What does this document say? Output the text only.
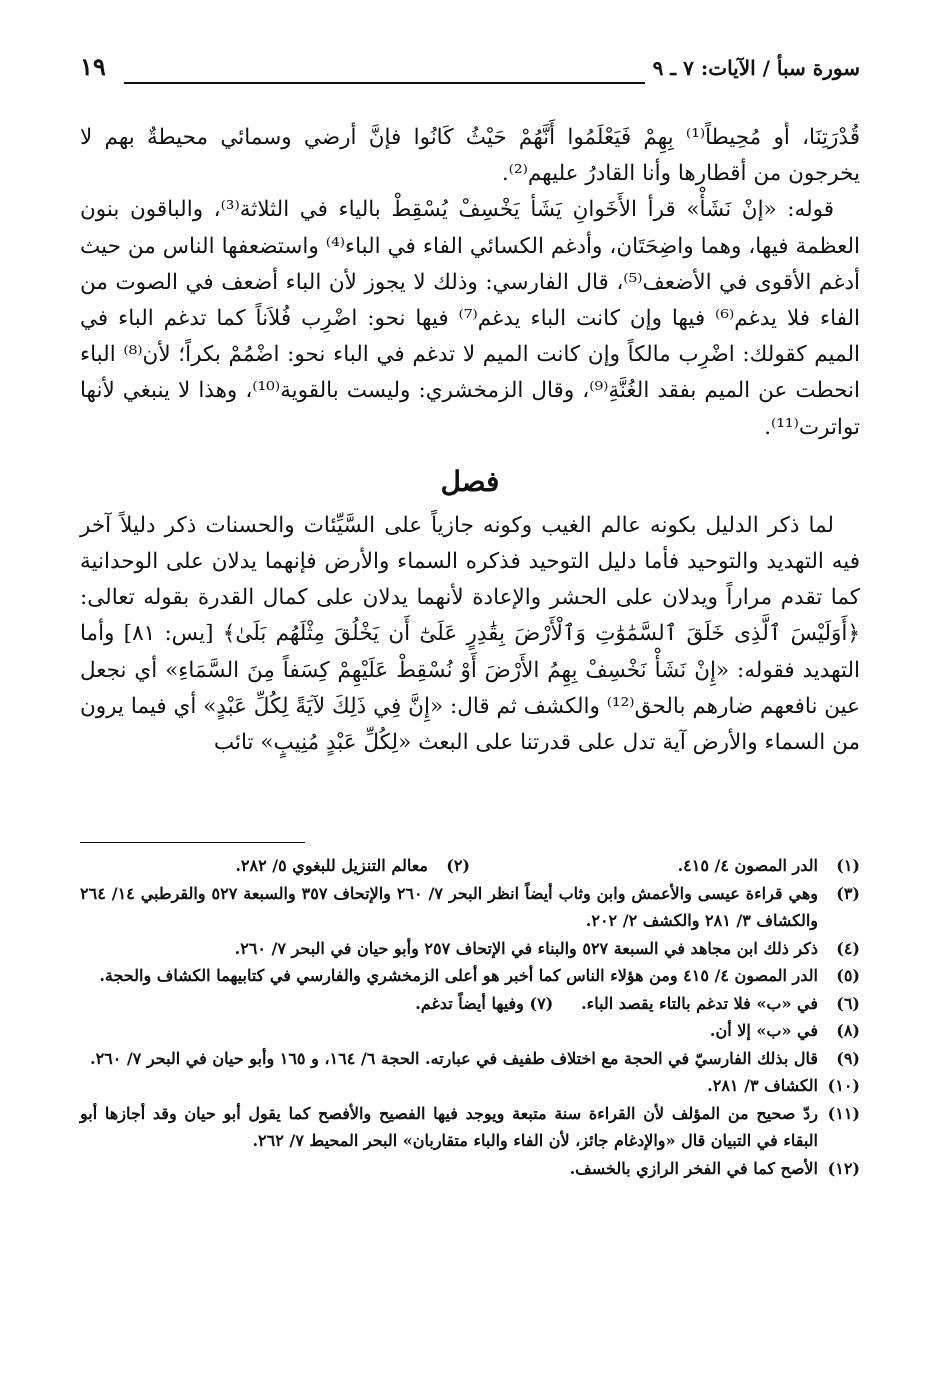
سورة سبأ / الآيات: ٧ ـ ٩
١٩

قُدْرَتِنَا، أو مُحِيطاً⁽¹⁾ بِهِمْ فَيَعْلَمُوا أَنَّهُمْ حَيْثُ كَانُوا فإنَّ أرضي وسمائي محيطةٌ بهم لا يخرجون من أقطارها وأنا القادرُ عليهم⁽²⁾.

قوله: «إنْ نَشَأْ» قرأ الأَخَوانِ يَشَأ يَخْسِفْ يُسْقِطْ بالياء في الثلاثة⁽³⁾، والباقون بنون العظمة فيها، وهما واضِحَتَان، وأدغم الكسائي الفاء في الباء⁽⁴⁾ واستضعفها الناس من حيث أدغم الأقوى في الأضعف⁽⁵⁾، قال الفارسي: وذلك لا يجوز لأن الباء أضعف في الصوت من الفاء فلا يدغم⁽⁶⁾ فيها وإن كانت الباء يدغم⁽⁷⁾ فيها نحو: اضْرِب فُلاَناً كما تدغم الباء في الميم كقولك: اضْرِب مالكاً وإن كانت الميم لا تدغم في الباء نحو: اضْمُمْ بكراً؛ لأن⁽⁸⁾ الباء انحطت عن الميم بفقد الغُنَّةِ⁽⁹⁾، وقال الزمخشري: وليست بالقوية⁽¹⁰⁾، وهذا لا ينبغي لأنها تواترت⁽¹¹⁾.

فصل

لما ذكر الدليل بكونه عالم الغيب وكونه جازياً على السَّيِّئات والحسنات ذكر دليلاً آخر فيه التهديد والتوحيد فأما دليل التوحيد فذكره السماء والأرض فإنهما يدلان على الوحدانية كما تقدم مراراً ويدلان على الحشر والإعادة لأنهما يدلان على كمال القدرة بقوله تعالى: ﴿أَوَلَيْسَ ٱلَّذِى خَلَقَ ٱلسَّمَٰوَٰتِ وَٱلْأَرْضَ بِقَٰدِرٍ عَلَىٰٓ أَن يَخْلُقَ مِثْلَهُم بَلَىٰ﴾ [يس: ٨١] وأما التهديد فقوله: «إِنْ نَشَأْ نَخْسِفْ بِهِمُ الأَرْضَ أَوْ نُسْقِطْ عَلَيْهِمْ كِسَفاً مِنَ السَّمَاءِ» أي نجعل عين نافعهم ضارهم بالحق⁽¹²⁾ والكشف ثم قال: «إِنَّ فِي ذَلِكَ لآيَةً لِكُلِّ عَبْدٍ» أي فيما يرون من السماء والأرض آية تدل على قدرتنا على البعث «لِكُلِّ عَبْدٍ مُنِيبٍ» تائب

(١)
الدر المصون ٤/ ٤١٥.
(٢)
معالم التنزيل للبغوي ٥/ ٢٨٢.
(٣)
وهي قراءة عيسى والأعمش وابن وثاب أيضاً انظر البحر ٧/ ٢٦٠ والإتحاف ٣٥٧ والسبعة ٥٢٧ والقرطبي ١٤/ ٢٦٤ والكشاف ٣/ ٢٨١ والكشف ٢/ ٢٠٢.
(٤)
ذكر ذلك ابن مجاهد في السبعة ٥٢٧ والبناء في الإتحاف ٢٥٧ وأبو حيان في البحر ٧/ ٢٦٠.
(٥)
الدر المصون ٤/ ٤١٥ ومن هؤلاء الناس كما أخبر هو أعلى الزمخشري والفارسي في كتابيهما الكشاف والحجة.
(٦)
في «ب» فلا تدغم بالتاء يقصد الباء.     (٧) وفيها أيضاً تدغم.
(٨)
في «ب» إلا أن.
(٩)
قال بذلك الفارسيّ في الحجة مع اختلاف طفيف في عبارته. الحجة ٦/ ١٦٤، و ١٦٥ وأبو حيان في البحر ٧/ ٢٦٠.
(١٠)
الكشاف ٣/ ٢٨١.
(١١)
ردّ صحيح من المؤلف لأن القراءة سنة متبعة ويوجد فيها الفصيح والأفصح كما يقول أبو حيان وقد أجازها أبو البقاء في التبيان قال «والإدغام جائز، لأن الفاء والباء متقاربان» البحر المحيط ٧/ ٢٦٢.
(١٢)
الأصح كما في الفخر الرازي بالخسف.
